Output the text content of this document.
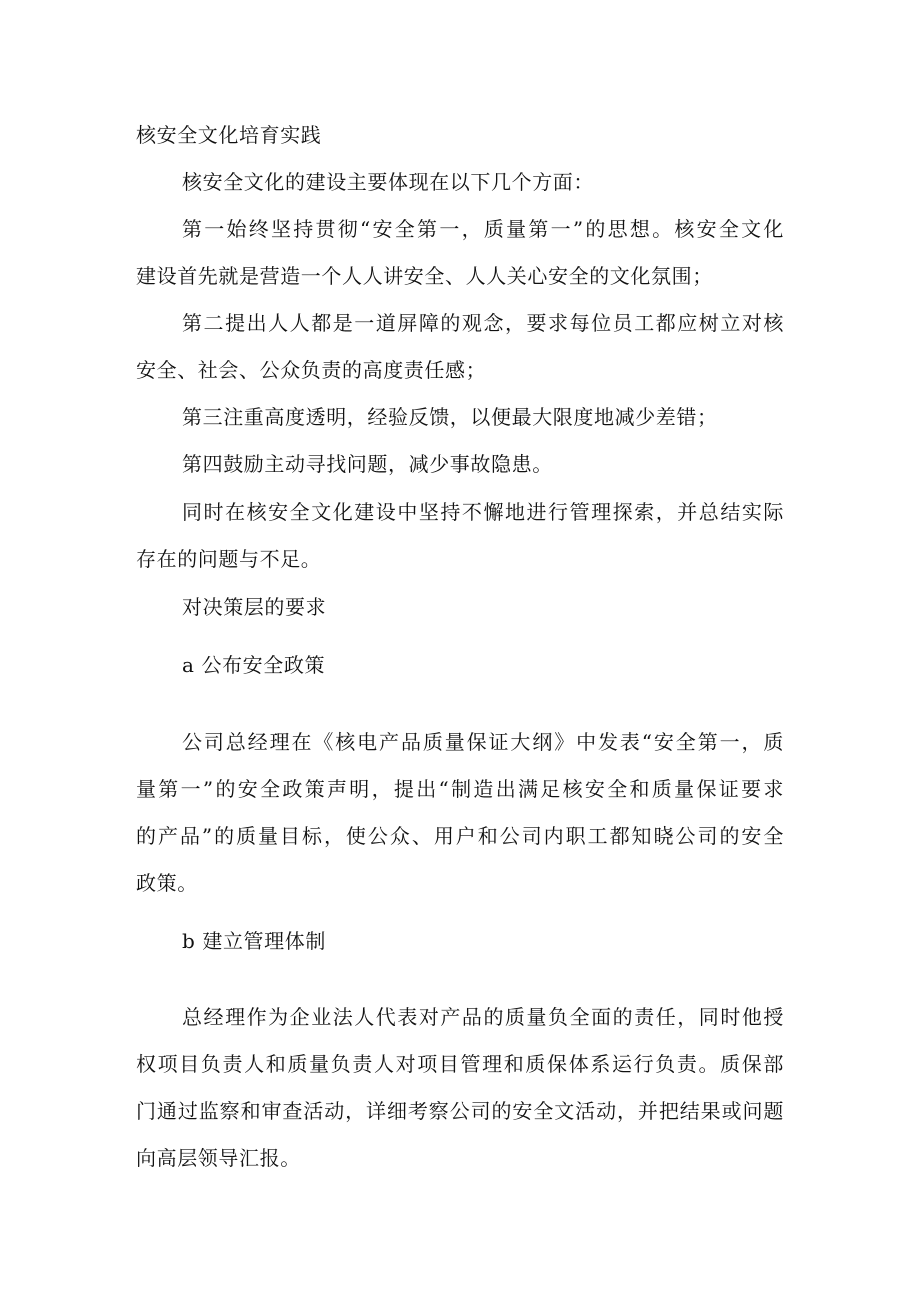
核安全文化培育实践
核安全文化的建设主要体现在以下几个方面：
第一始终坚持贯彻“安全第一，质量第一”的思想。核安全文化
建设首先就是营造一个人人讲安全、人人关心安全的文化氛围；
第二提出人人都是一道屏障的观念，要求每位员工都应树立对核
安全、社会、公众负责的高度责任感；
第三注重高度透明，经验反馈，以便最大限度地减少差错；
第四鼓励主动寻找问题，减少事故隐患。
同时在核安全文化建设中坚持不懈地进行管理探索，并总结实际
存在的问题与不足。
对决策层的要求
a 公布安全政策
公司总经理在《核电产品质量保证大纲》中发表“安全第一，质
量第一”的安全政策声明，提出“制造出满足核安全和质量保证要求
的产品”的质量目标，使公众、用户和公司内职工都知晓公司的安全
政策。
b 建立管理体制
总经理作为企业法人代表对产品的质量负全面的责任，同时他授
权项目负责人和质量负责人对项目管理和质保体系运行负责。质保部
门通过监察和审查活动，详细考察公司的安全文活动，并把结果或问题
向高层领导汇报。
